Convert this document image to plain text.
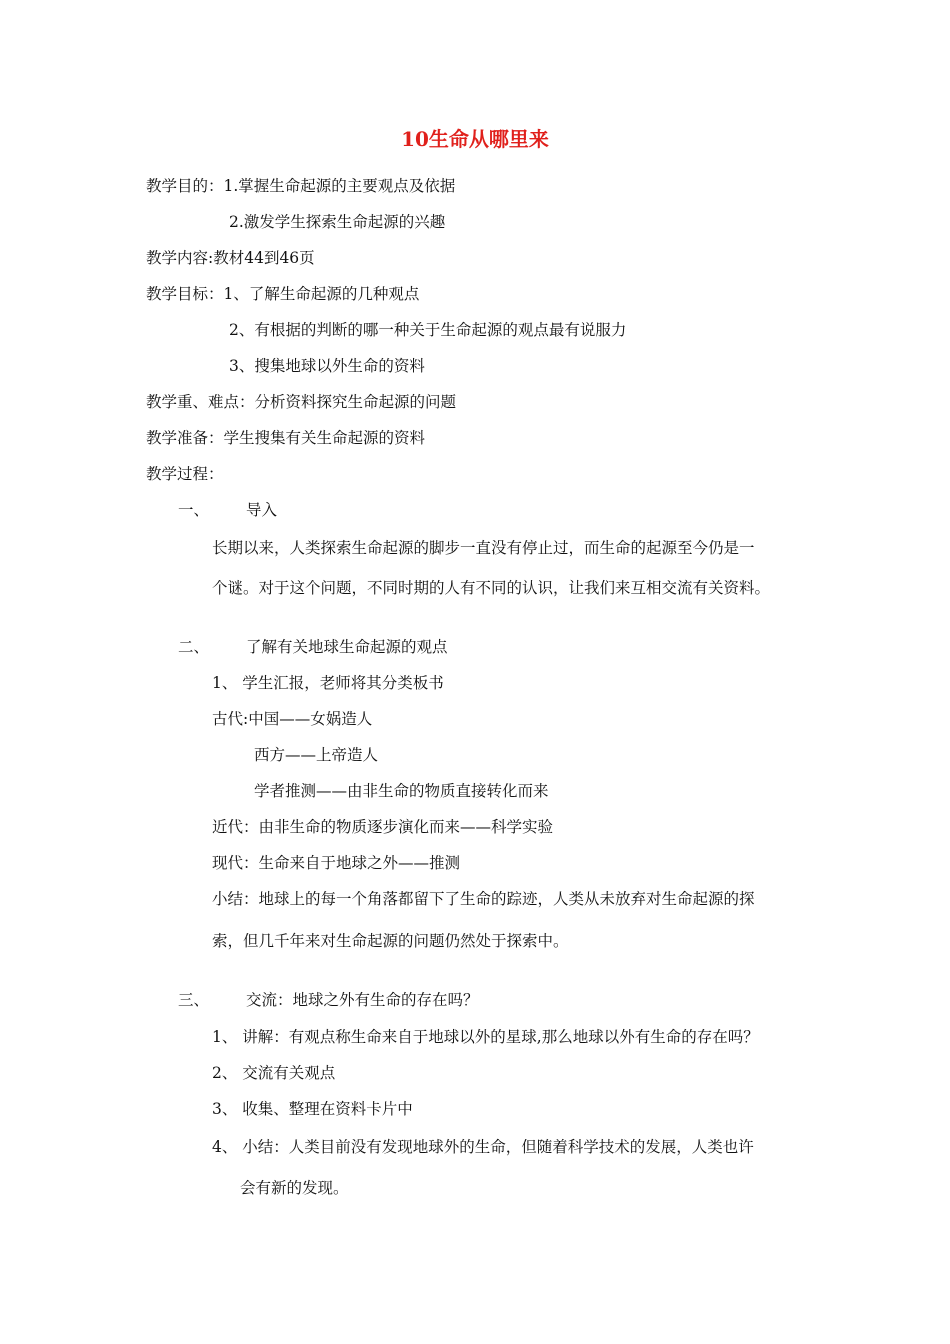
10生命从哪里来
教学目的：1.掌握生命起源的主要观点及依据
2.激发学生探索生命起源的兴趣
教学内容:教材44到46页
教学目标：1、了解生命起源的几种观点
2、有根据的判断的哪一种关于生命起源的观点最有说服力
3、搜集地球以外生命的资料
教学重、难点：分析资料探究生命起源的问题
教学准备：学生搜集有关生命起源的资料
教学过程：
一、 导入
长期以来，人类探索生命起源的脚步一直没有停止过，而生命的起源至今仍是一
个谜。对于这个问题，不同时期的人有不同的认识，让我们来互相交流有关资料。
二、 了解有关地球生命起源的观点
1、 学生汇报，老师将其分类板书
古代:中国——女娲造人
西方——上帝造人
学者推测——由非生命的物质直接转化而来
近代：由非生命的物质逐步演化而来——科学实验
现代：生命来自于地球之外——推测
小结：地球上的每一个角落都留下了生命的踪迹，人类从未放弃对生命起源的探
索，但几千年来对生命起源的问题仍然处于探索中。
三、 交流：地球之外有生命的存在吗？
1、 讲解：有观点称生命来自于地球以外的星球,那么地球以外有生命的存在吗？
2、 交流有关观点
3、 收集、整理在资料卡片中
4、 小结：人类目前没有发现地球外的生命，但随着科学技术的发展，人类也许
会有新的发现。
